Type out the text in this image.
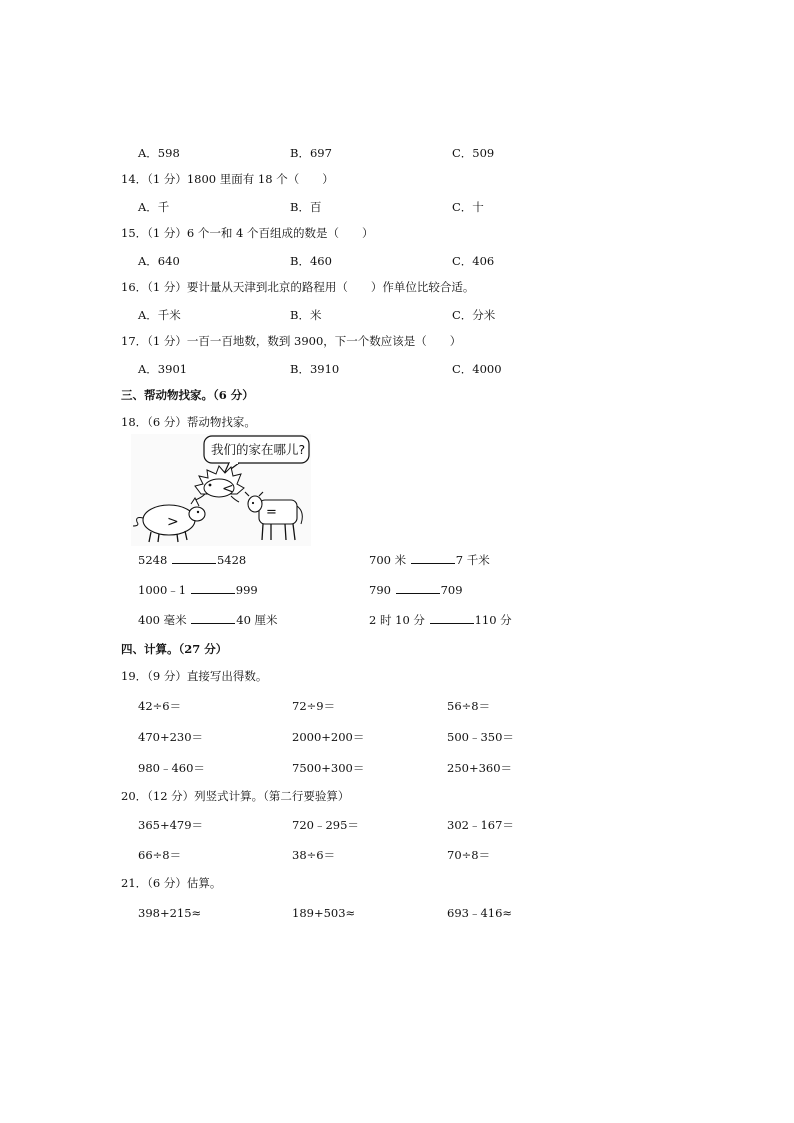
A．598	B．697	C．509
14．（1 分）1800 里面有 18 个（　　）
A．千	B．百	C．十
15．（1 分）6 个一和 4 个百组成的数是（　　）
A．640	B．460	C．406
16．（1 分）要计量从天津到北京的路程用（　　）作单位比较合适。
A．千米	B．米	C．分米
17．（1 分）一百一百地数，数到 3900，下一个数应该是（　　）
A．3901	B．3910	C．4000
三、帮动物找家。（6 分）
18．（6 分）帮动物找家。
我们的家在哪儿?
<
>
=
5248	5428	700 米	7 千米
1000﹣1	999	790	709
400 毫米	40 厘米	2 时 10 分	110 分
四、计算。（27 分）
19．（9 分）直接写出得数。
42÷6＝	72÷9＝	56÷8＝
470+230＝	2000+200＝	500﹣350＝
980﹣460＝	7500+300＝	250+360＝
20．（12 分）列竖式计算。（第二行要验算）
365+479＝	720﹣295＝	302﹣167＝
66÷8＝	38÷6＝	70÷8＝
21．（6 分）估算。
398+215≈	189+503≈	693﹣416≈
